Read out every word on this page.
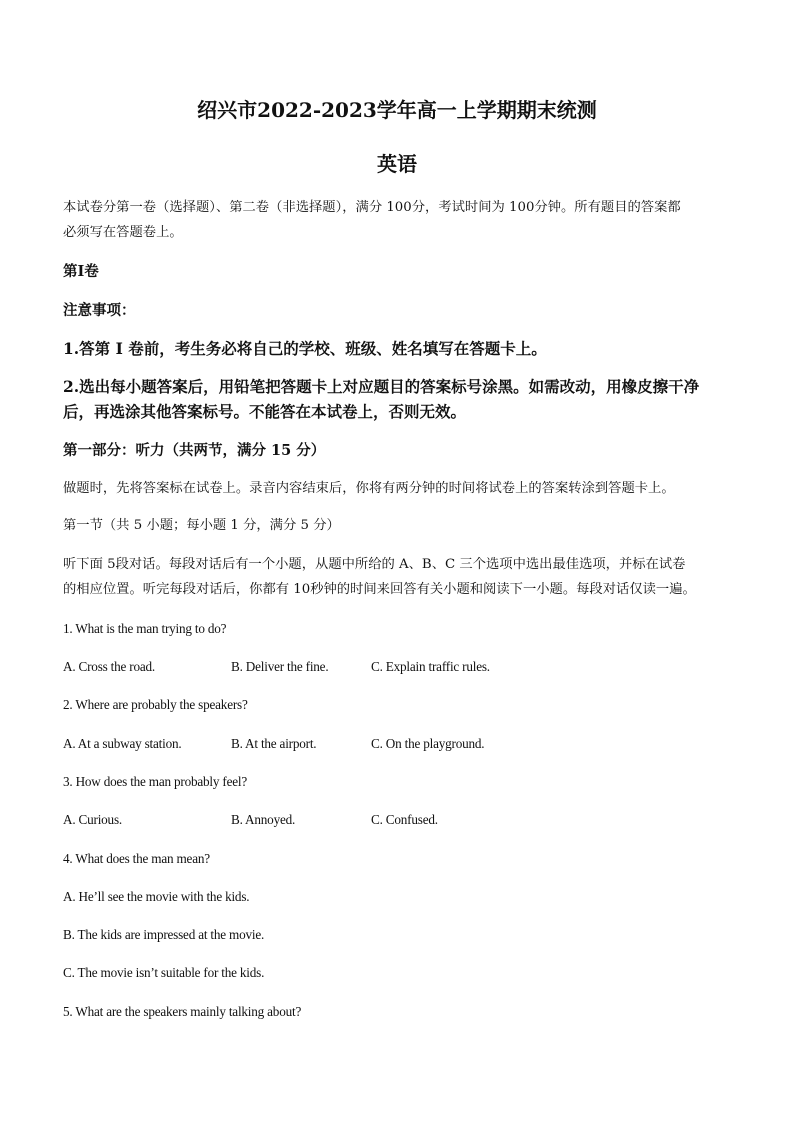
绍兴市2022-2023学年高一上学期期末统测
英语
本试卷分第一卷（选择题）、第二卷（非选择题），满分 100分，考试时间为 100分钟。所有题目的答案都
必须写在答题卷上。
第I卷
注意事项：
1.答第 I 卷前，考生务必将自己的学校、班级、姓名填写在答题卡上。
2.选出每小题答案后，用铅笔把答题卡上对应题目的答案标号涂黑。如需改动，用橡皮擦干净
后，再选涂其他答案标号。不能答在本试卷上，否则无效。
第一部分：听力（共两节，满分 15 分）
做题时，先将答案标在试卷上。录音内容结束后，你将有两分钟的时间将试卷上的答案转涂到答题卡上。
第一节（共 5 小题；每小题 1 分，满分 5 分）
听下面 5段对话。每段对话后有一个小题，从题中所给的 A、B、C 三个选项中选出最佳选项，并标在试卷
的相应位置。听完每段对话后，你都有 10秒钟的时间来回答有关小题和阅读下一小题。每段对话仅读一遍。
1. What is the man trying to do?
A. Cross the road.	B. Deliver the fine.	C. Explain traffic rules.
2. Where are probably the speakers?
A. At a subway station.	B. At the airport.	C. On the playground.
3. How does the man probably feel?
A. Curious.	B. Annoyed.	C. Confused.
4. What does the man mean?
A. He’ll see the movie with the kids.
B. The kids are impressed at the movie.
C. The movie isn’t suitable for the kids.
5. What are the speakers mainly talking about?
